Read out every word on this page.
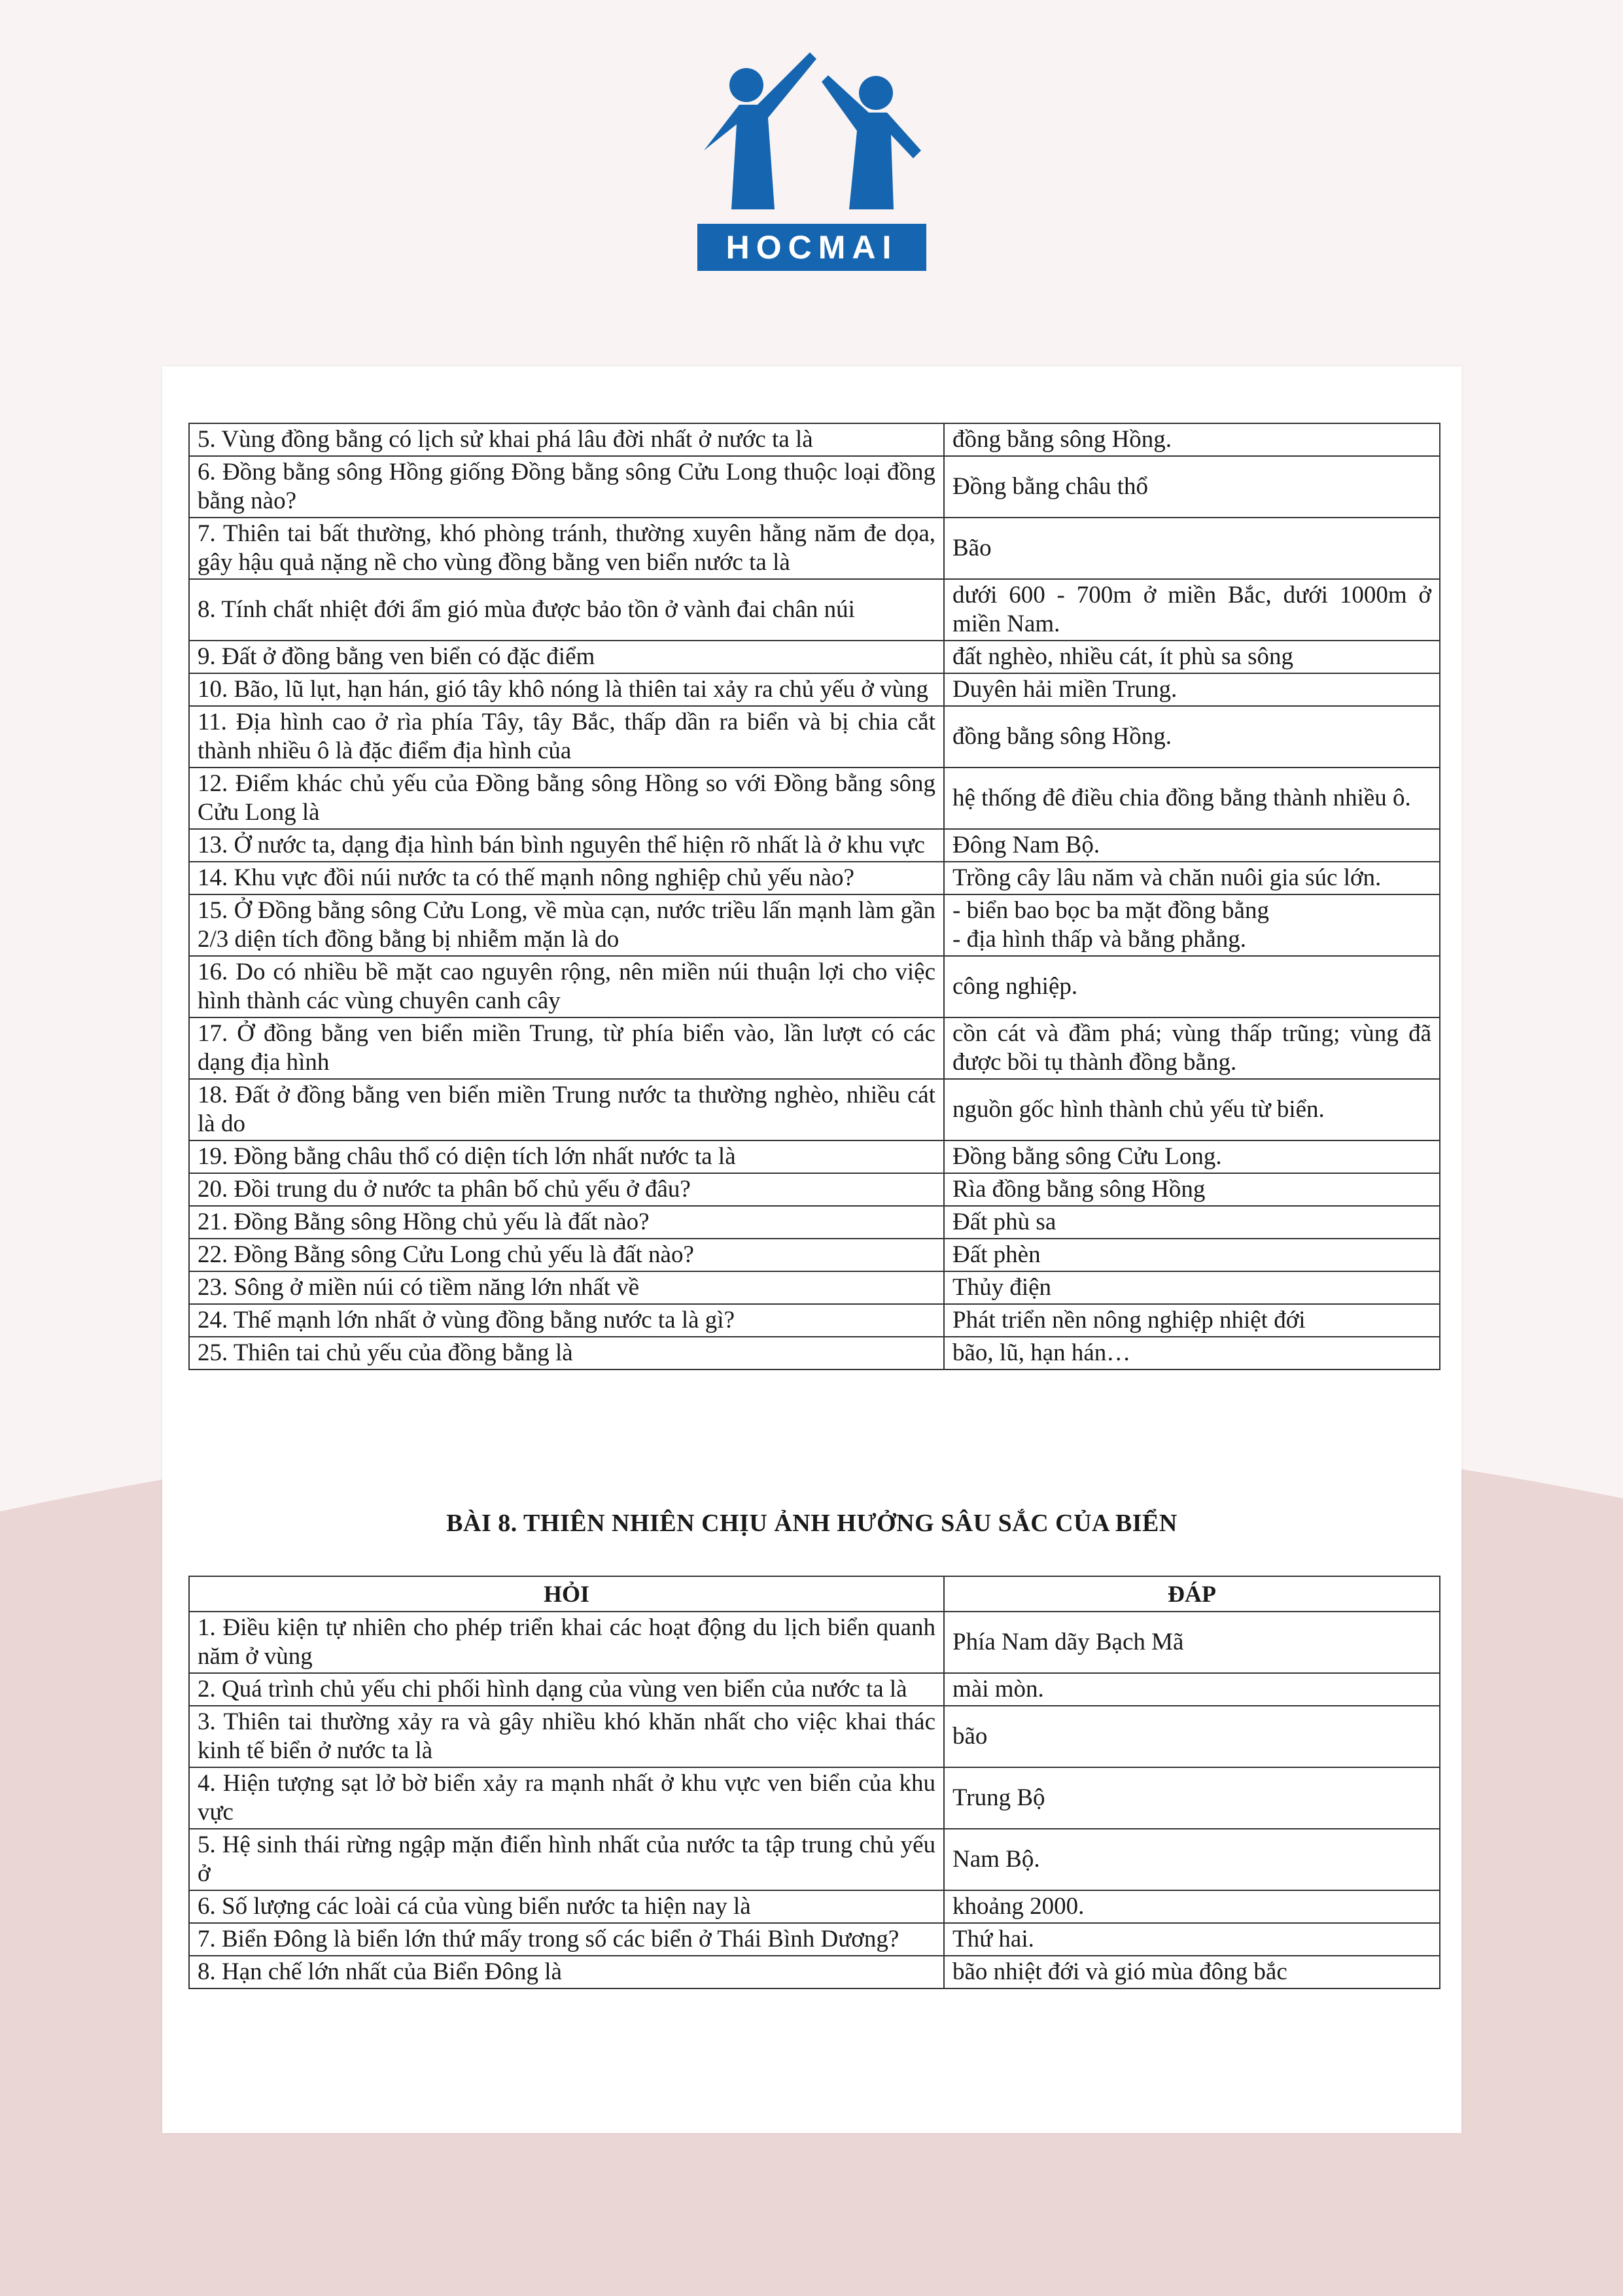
HOCMAI
5. Vùng đồng bằng có lịch sử khai phá lâu đời nhất ở nước ta là	đồng bằng sông Hồng.
6. Đồng bằng sông Hồng giống Đồng bằng sông Cửu Long thuộc loại đồng bằng nào?	Đồng bằng châu thổ
7. Thiên tai bất thường, khó phòng tránh, thường xuyên hằng năm đe dọa, gây hậu quả nặng nề cho vùng đồng bằng ven biển nước ta là	Bão
8. Tính chất nhiệt đới ẩm gió mùa được bảo tồn ở vành đai chân núi	dưới 600 - 700m ở miền Bắc, dưới 1000m ở miền Nam.
9. Đất ở đồng bằng ven biển có đặc điểm	đất nghèo, nhiều cát, ít phù sa sông
10. Bão, lũ lụt, hạn hán, gió tây khô nóng là thiên tai xảy ra chủ yếu ở vùng	Duyên hải miền Trung.
11. Địa hình cao ở rìa phía Tây, tây Bắc, thấp dần ra biển và bị chia cắt thành nhiều ô là đặc điểm địa hình của	đồng bằng sông Hồng.
12. Điểm khác chủ yếu của Đồng bằng sông Hồng so với Đồng bằng sông Cửu Long là	hệ thống đê điều chia đồng bằng thành nhiều ô.
13. Ở nước ta, dạng địa hình bán bình nguyên thể hiện rõ nhất là ở khu vực	Đông Nam Bộ.
14. Khu vực đồi núi nước ta có thế mạnh nông nghiệp chủ yếu nào?	Trồng cây lâu năm và chăn nuôi gia súc lớn.
15. Ở Đồng bằng sông Cửu Long, về mùa cạn, nước triều lấn mạnh làm gần 2/3 diện tích đồng bằng bị nhiễm mặn là do	- biển bao bọc ba mặt đồng bằng
- địa hình thấp và bằng phẳng.

16. Do có nhiều bề mặt cao nguyên rộng, nên miền núi thuận lợi cho việc hình thành các vùng chuyên canh cây	công nghiệp.
17. Ở đồng bằng ven biển miền Trung, từ phía biển vào, lần lượt có các dạng địa hình	cồn cát và đầm phá; vùng thấp trũng; vùng đã được bồi tụ thành đồng bằng.
18. Đất ở đồng bằng ven biển miền Trung nước ta thường nghèo, nhiều cát là do	nguồn gốc hình thành chủ yếu từ biển.
19. Đồng bằng châu thổ có diện tích lớn nhất nước ta là	Đồng bằng sông Cửu Long.
20. Đồi trung du ở nước ta phân bố chủ yếu ở đâu?	Rìa đồng bằng sông Hồng
21. Đồng Bằng sông Hồng chủ yếu là đất nào?	Đất phù sa
22. Đồng Bằng sông Cửu Long chủ yếu là đất nào?	Đất phèn
23. Sông ở miền núi có tiềm năng lớn nhất về	Thủy điện
24. Thế mạnh lớn nhất ở vùng đồng bằng nước ta là gì?	Phát triển nền nông nghiệp nhiệt đới
25. Thiên tai chủ yếu của đồng bằng là	bão, lũ, hạn hán…
BÀI 8. THIÊN NHIÊN CHỊU ẢNH HƯỞNG SÂU SẮC CỦA BIỂN
HỎI	ĐÁP
1. Điều kiện tự nhiên cho phép triển khai các hoạt động du lịch biển quanh năm ở vùng	Phía Nam dãy Bạch Mã
2. Quá trình chủ yếu chi phối hình dạng của vùng ven biển của nước ta là	mài mòn.
3. Thiên tai thường xảy ra và gây nhiều khó khăn nhất cho việc khai thác kinh tế biển ở nước ta là	bão
4. Hiện tượng sạt lở bờ biển xảy ra mạnh nhất ở khu vực ven biển của khu vực	Trung Bộ
5. Hệ sinh thái rừng ngập mặn điển hình nhất của nước ta tập trung chủ yếu ở	Nam Bộ.
6. Số lượng các loài cá của vùng biển nước ta hiện nay là	khoảng 2000.
7. Biển Đông là biển lớn thứ mấy trong số các biển ở Thái Bình Dương?	Thứ hai.
8. Hạn chế lớn nhất của Biển Đông là	bão nhiệt đới và gió mùa đông bắc
